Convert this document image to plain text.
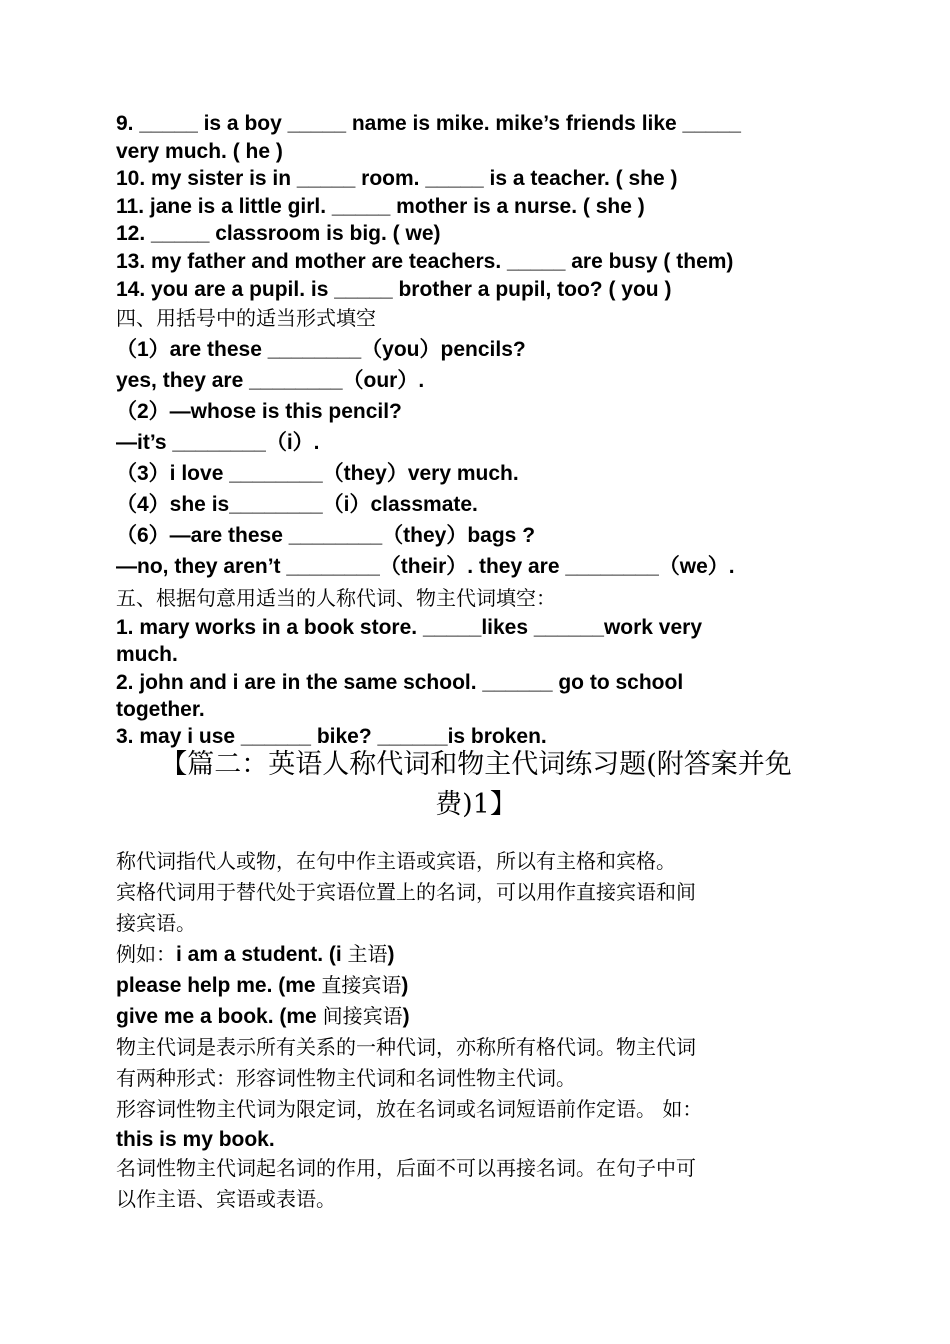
9. _____ is a boy _____ name is mike. mike’s friends like _____
very much. ( he )
10. my sister is in _____ room. _____ is a teacher. ( she )
11. jane is a little girl. _____ mother is a nurse. ( she )
12. _____ classroom is big. ( we)
13. my father and mother are teachers. _____ are busy ( them)
14. you are a pupil. is _____ brother a pupil, too? ( you )
四、用括号中的适当形式填空
（1）are these ________（you）pencils?
yes, they are ________（our）.
（2）—whose is this pencil?
—it’s ________（i）.
（3）i love ________（they）very much.
（4）she is________（i）classmate.
（6）—are these ________（they）bags ?
—no, they aren’t ________（their）. they are ________（we）.
五、根据句意用适当的人称代词、物主代词填空：
1. mary works in a book store. _____likes ______work very
much.
2. john and i are in the same school. ______ go to school
together.
3. may i use ______ bike? ______is broken.
【篇二：英语人称代词和物主代词练习题(附答案并免
费)1】
称代词指代人或物，在句中作主语或宾语，所以有主格和宾格。
宾格代词用于替代处于宾语位置上的名词，可以用作直接宾语和间
接宾语。
例如：i am a student. (i 主语)
please help me. (me 直接宾语)
give me a book. (me 间接宾语)
物主代词是表示所有关系的一种代词，亦称所有格代词。物主代词
有两种形式：形容词性物主代词和名词性物主代词。
形容词性物主代词为限定词，放在名词或名词短语前作定语。 如：
this is my book.
名词性物主代词起名词的作用，后面不可以再接名词。在句子中可
以作主语、宾语或表语。
